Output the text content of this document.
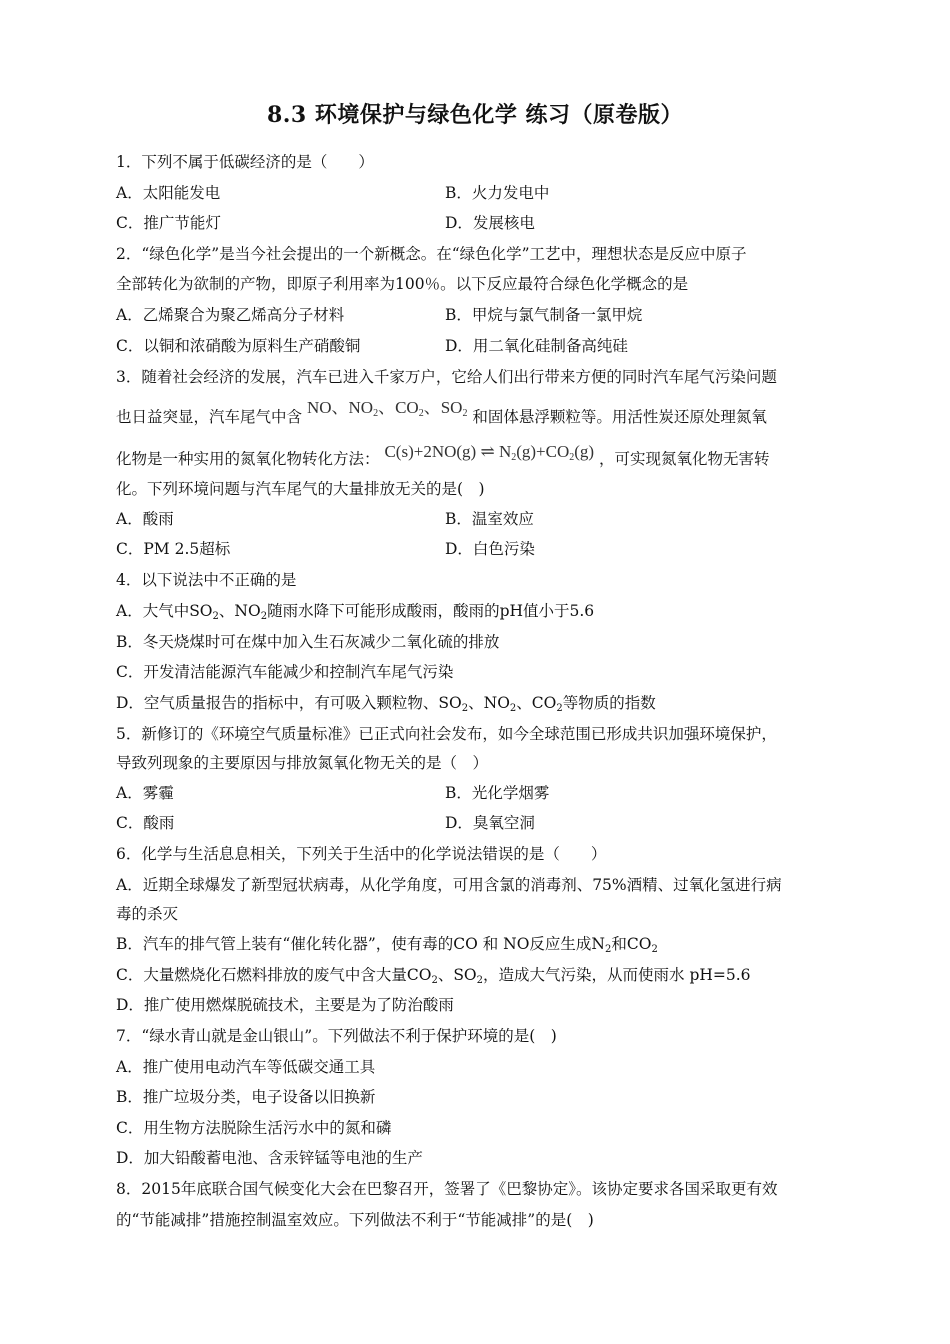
8.3 环境保护与绿色化学 练习（原卷版）
1．下列不属于低碳经济的是（　　）
A．太阳能发电	B．火力发电中
C．推广节能灯	D．发展核电
2．“绿色化学”是当今社会提出的一个新概念。在“绿色化学”工艺中，理想状态是反应中原子
全部转化为欲制的产物，即原子利用率为100％。以下反应最符合绿色化学概念的是
A．乙烯聚合为聚乙烯高分子材料	B．甲烷与氯气制备一氯甲烷
C．以铜和浓硝酸为原料生产硝酸铜	D．用二氧化硅制备高纯硅
3．随着社会经济的发展，汽车已进入千家万户，它给人们出行带来方便的同时汽车尾气污染问题
也日益突显，汽车尾气中含 NO、$NO_2$、$CO_2$、$SO_2$ 和固体悬浮颗粒等。用活性炭还原处理氮氧
化物是一种实用的氮氧化物转化方法： C(s)+2NO(g) ⇌ $N_2(g)+CO_2(g)$ ，可实现氮氧化物无害转
化。下列环境问题与汽车尾气的大量排放无关的是(　)
A．酸雨	B．温室效应
C．PM 2.5超标	D．白色污染
4．以下说法中不正确的是
A．大气中$SO_2$、$NO_2$随雨水降下可能形成酸雨，酸雨的pH值小于5.6
B．冬天烧煤时可在煤中加入生石灰减少二氧化硫的排放
C．开发清洁能源汽车能减少和控制汽车尾气污染
D．空气质量报告的指标中，有可吸入颗粒物、$SO_2$、$NO_2$、$CO_2$等物质的指数
5．新修订的《环境空气质量标准》已正式向社会发布，如今全球范围已形成共识加强环境保护，
导致列现象的主要原因与排放氮氧化物无关的是（　）
A．雾霾	B．光化学烟雾
C．酸雨	D．臭氧空洞
6．化学与生活息息相关，下列关于生活中的化学说法错误的是（　　）
A．近期全球爆发了新型冠状病毒，从化学角度，可用含氯的消毒剂、75%酒精、过氧化氢进行病
毒的杀灭
B．汽车的排气管上装有“催化转化器”，使有毒的CO 和 NO反应生成$N_2$和$CO_2$
C．大量燃烧化石燃料排放的废气中含大量$CO_2$、$SO_2$，造成大气污染，从而使雨水 pH=5.6
D．推广使用燃煤脱硫技术，主要是为了防治酸雨
7．“绿水青山就是金山银山”。下列做法不利于保护环境的是(　)
A．推广使用电动汽车等低碳交通工具
B．推广垃圾分类，电子设备以旧换新
C．用生物方法脱除生活污水中的氮和磷
D．加大铅酸蓄电池、含汞锌锰等电池的生产
8．2015年底联合国气候变化大会在巴黎召开，签署了《巴黎协定》。该协定要求各国采取更有效
的“节能减排”措施控制温室效应。下列做法不利于“节能减排”的是(　)
